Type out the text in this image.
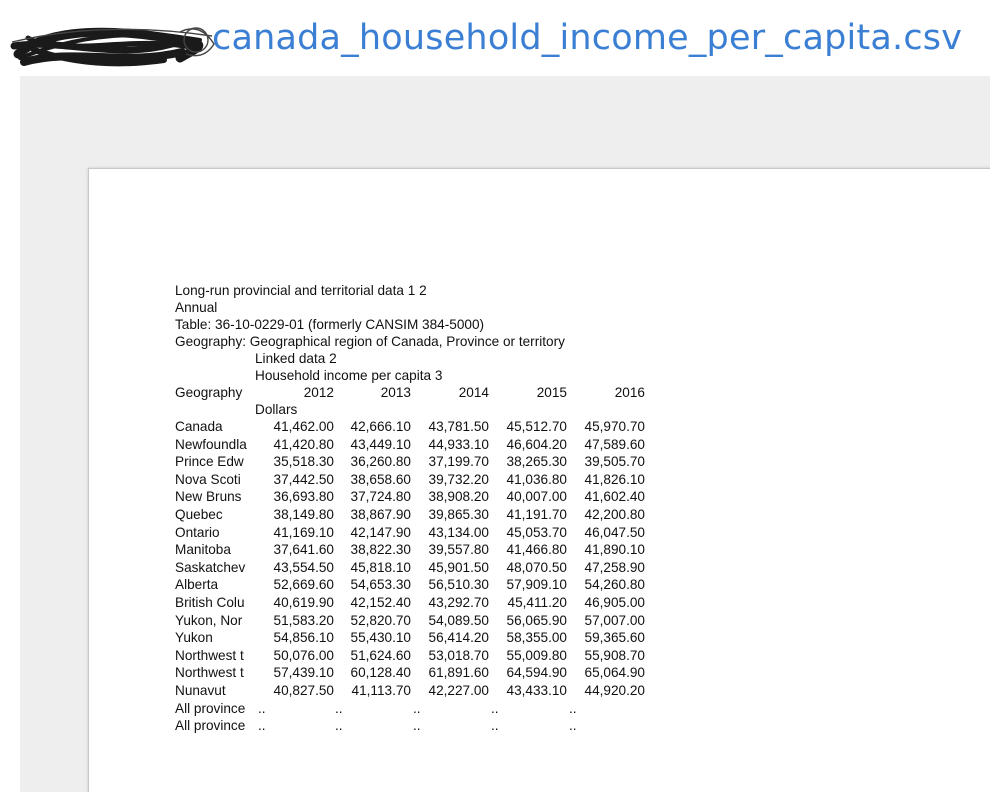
canada_household_income_per_capita.csv
Long-run provincial and territorial data 1 2
Annual
Table: 36-10-0229-01 (formerly CANSIM 384-5000)
Geography: Geographical region of Canada, Province or territory
Linked data 2
Household income per capita 3
Geography	2012	2013	2014	2015	2016
Dollars
Canada	41,462.00	42,666.10	43,781.50	45,512.70	45,970.70
Newfoundla	41,420.80	43,449.10	44,933.10	46,604.20	47,589.60
Prince Edw	35,518.30	36,260.80	37,199.70	38,265.30	39,505.70
Nova Scoti	37,442.50	38,658.60	39,732.20	41,036.80	41,826.10
New Bruns	36,693.80	37,724.80	38,908.20	40,007.00	41,602.40
Quebec	38,149.80	38,867.90	39,865.30	41,191.70	42,200.80
Ontario	41,169.10	42,147.90	43,134.00	45,053.70	46,047.50
Manitoba	37,641.60	38,822.30	39,557.80	41,466.80	41,890.10
Saskatchev	43,554.50	45,818.10	45,901.50	48,070.50	47,258.90
Alberta	52,669.60	54,653.30	56,510.30	57,909.10	54,260.80
British Colu	40,619.90	42,152.40	43,292.70	45,411.20	46,905.00
Yukon, Nor	51,583.20	52,820.70	54,089.50	56,065.90	57,007.00
Yukon	54,856.10	55,430.10	56,414.20	58,355.00	59,365.60
Northwest t	50,076.00	51,624.60	53,018.70	55,009.80	55,908.70
Northwest t	57,439.10	60,128.40	61,891.60	64,594.90	65,064.90
Nunavut	40,827.50	41,113.70	42,227.00	43,433.10	44,920.20
All province ..	..	..	..	..
All province ..	..	..	..	..
